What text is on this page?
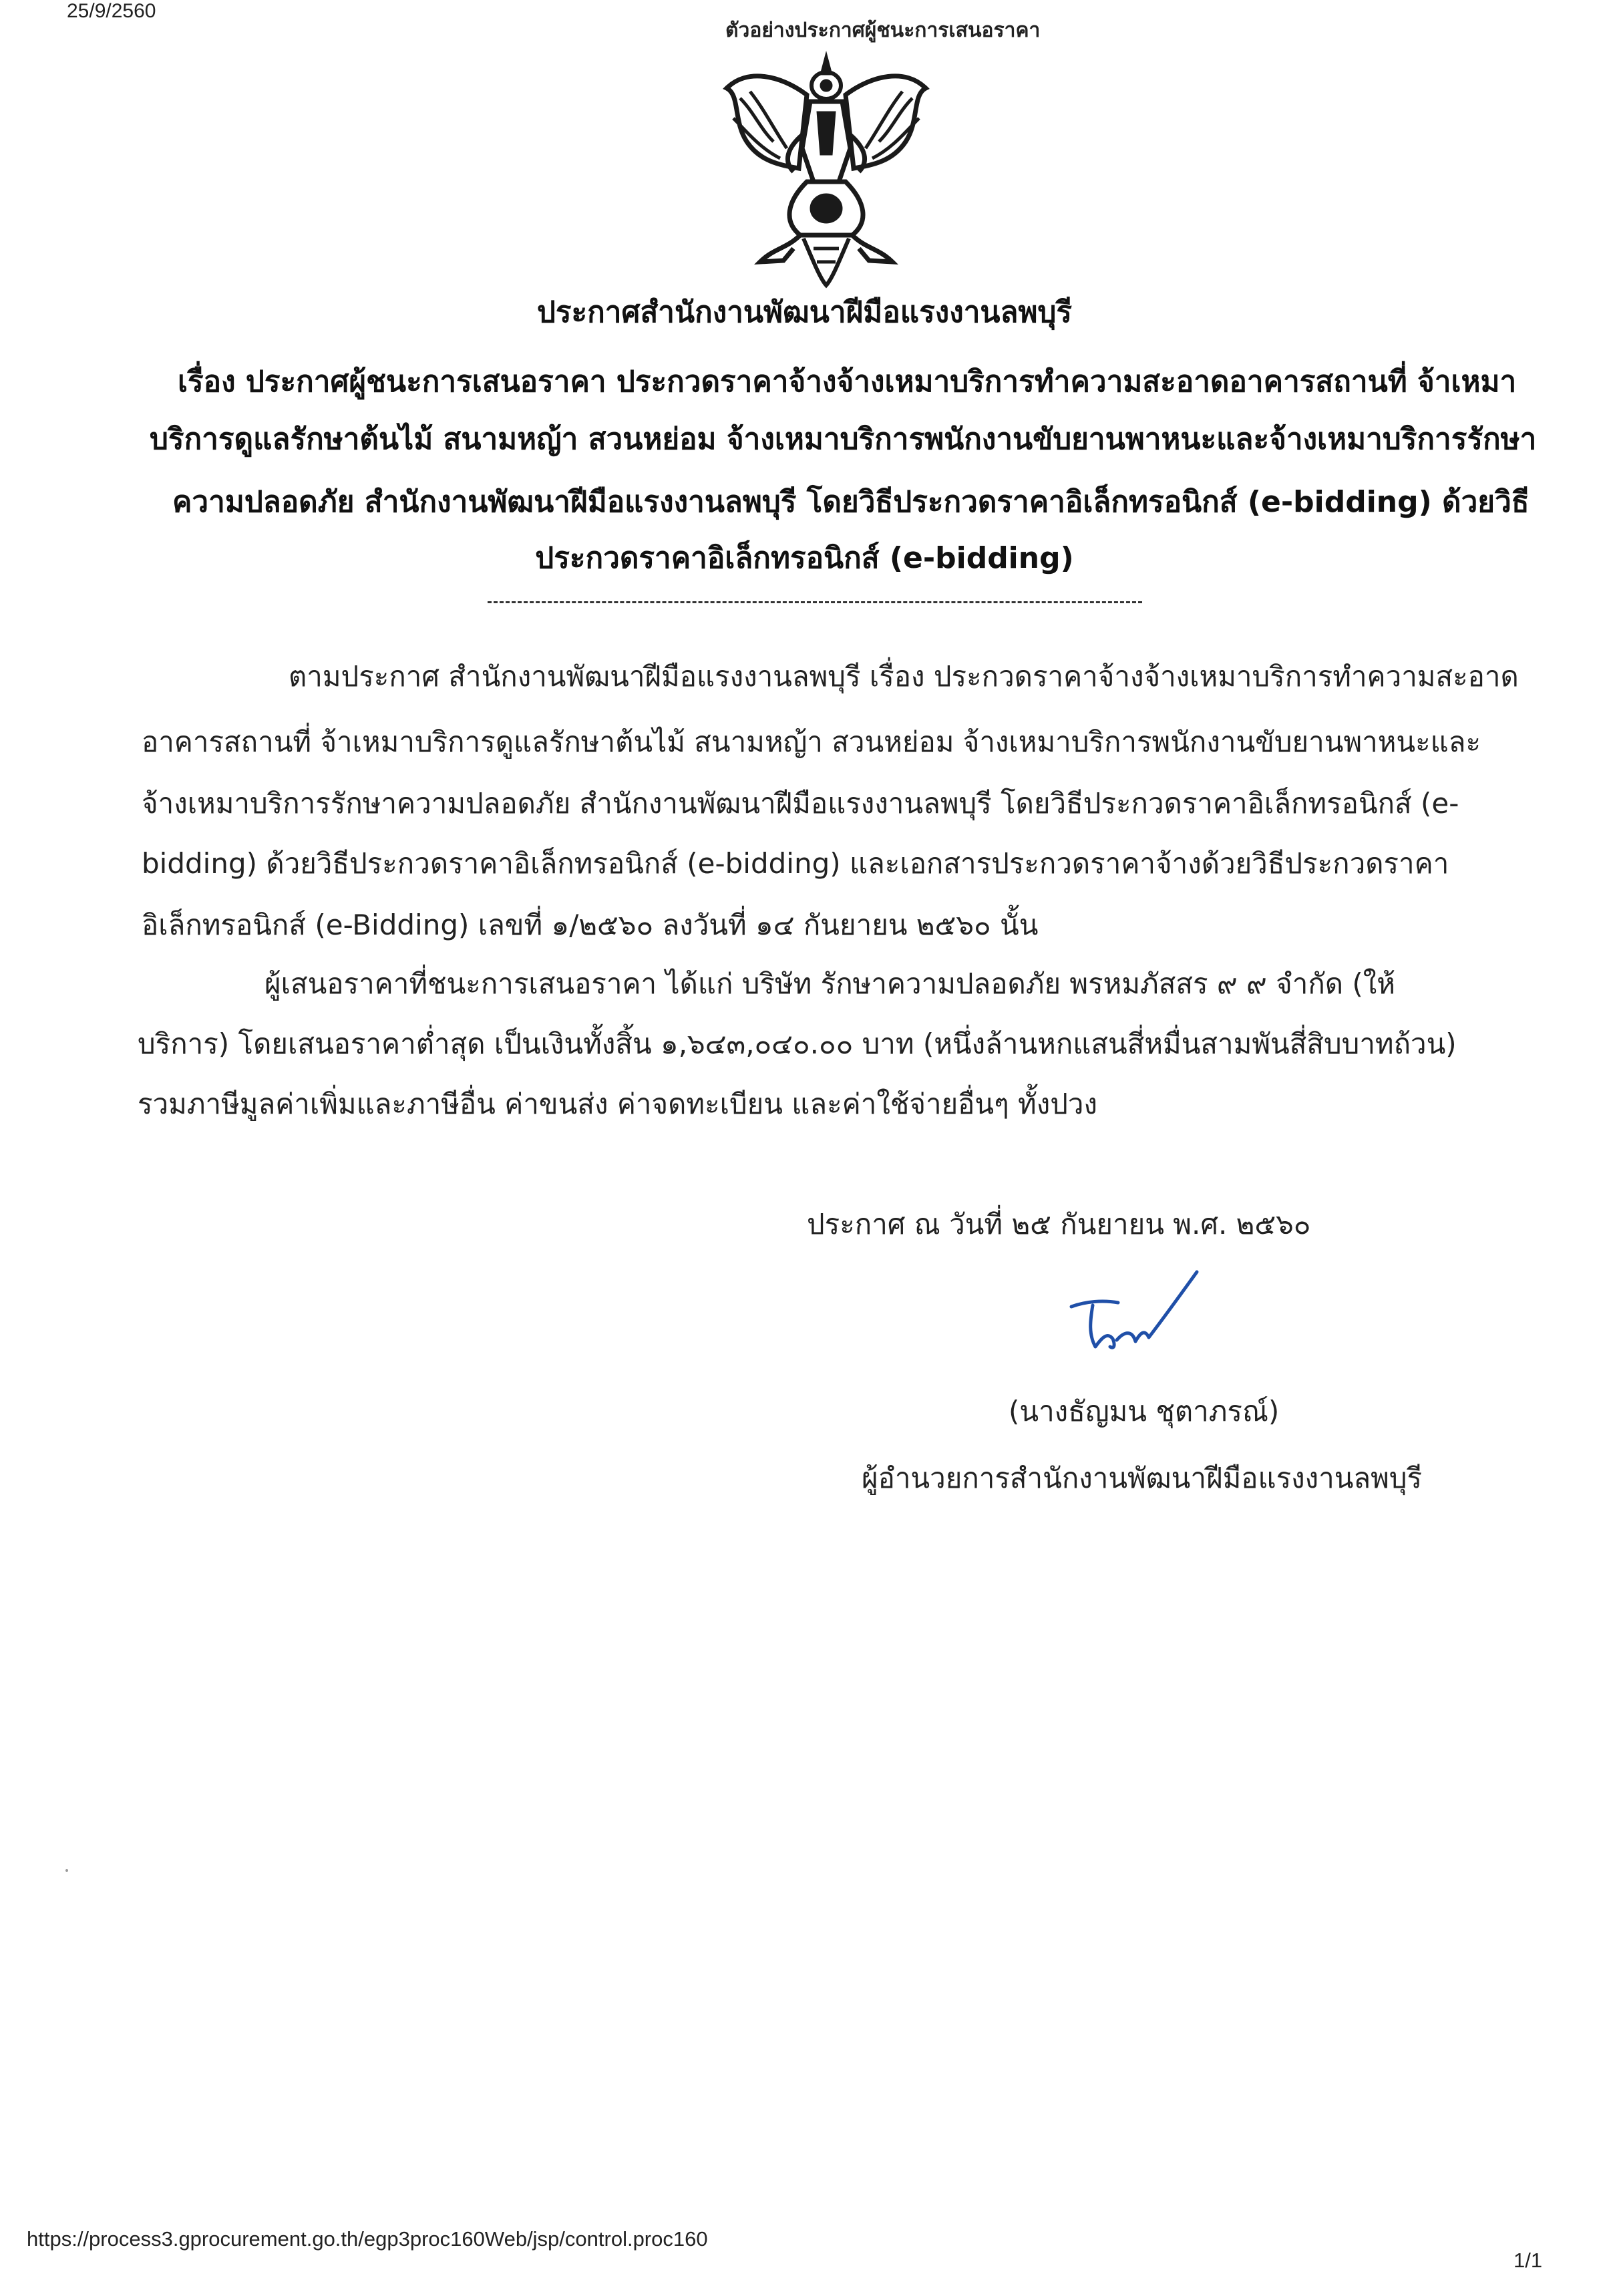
25/9/2560
ตัวอย่างประกาศผู้ชนะการเสนอราคา
ประกาศสำนักงานพัฒนาฝีมือแรงงานลพบุรี
เรื่อง ประกาศผู้ชนะการเสนอราคา ประกวดราคาจ้างจ้างเหมาบริการทำความสะอาดอาคารสถานที่ จ้าเหมา
บริการดูแลรักษาต้นไม้ สนามหญ้า สวนหย่อม จ้างเหมาบริการพนักงานขับยานพาหนะและจ้างเหมาบริการรักษา
ความปลอดภัย สำนักงานพัฒนาฝีมือแรงงานลพบุรี โดยวิธีประกวดราคาอิเล็กทรอนิกส์ (e-bidding) ด้วยวิธี
ประกวดราคาอิเล็กทรอนิกส์ (e-bidding)
ตามประกาศ สำนักงานพัฒนาฝีมือแรงงานลพบุรี เรื่อง ประกวดราคาจ้างจ้างเหมาบริการทำความสะอาด
อาคารสถานที่ จ้าเหมาบริการดูแลรักษาต้นไม้ สนามหญ้า สวนหย่อม จ้างเหมาบริการพนักงานขับยานพาหนะและ
จ้างเหมาบริการรักษาความปลอดภัย สำนักงานพัฒนาฝีมือแรงงานลพบุรี โดยวิธีประกวดราคาอิเล็กทรอนิกส์ (e-
bidding) ด้วยวิธีประกวดราคาอิเล็กทรอนิกส์ (e-bidding) และเอกสารประกวดราคาจ้างด้วยวิธีประกวดราคา
อิเล็กทรอนิกส์ (e-Bidding) เลขที่ ๑/๒๕๖๐ ลงวันที่ ๑๔ กันยายน ๒๕๖๐ นั้น
ผู้เสนอราคาที่ชนะการเสนอราคา ได้แก่ บริษัท รักษาความปลอดภัย พรหมภัสสร ๙ ๙ จำกัด (ให้
บริการ) โดยเสนอราคาต่ำสุด เป็นเงินทั้งสิ้น ๑,๖๔๓,๐๔๐.๐๐ บาท (หนึ่งล้านหกแสนสี่หมื่นสามพันสี่สิบบาทถ้วน)
รวมภาษีมูลค่าเพิ่มและภาษีอื่น ค่าขนส่ง ค่าจดทะเบียน และค่าใช้จ่ายอื่นๆ ทั้งปวง
ประกาศ ณ วันที่ ๒๕ กันยายน พ.ศ. ๒๕๖๐
(นางธัญมน ชุตาภรณ์)
ผู้อำนวยการสำนักงานพัฒนาฝีมือแรงงานลพบุรี
https://process3.gprocurement.go.th/egp3proc160Web/jsp/control.proc160
1/1
